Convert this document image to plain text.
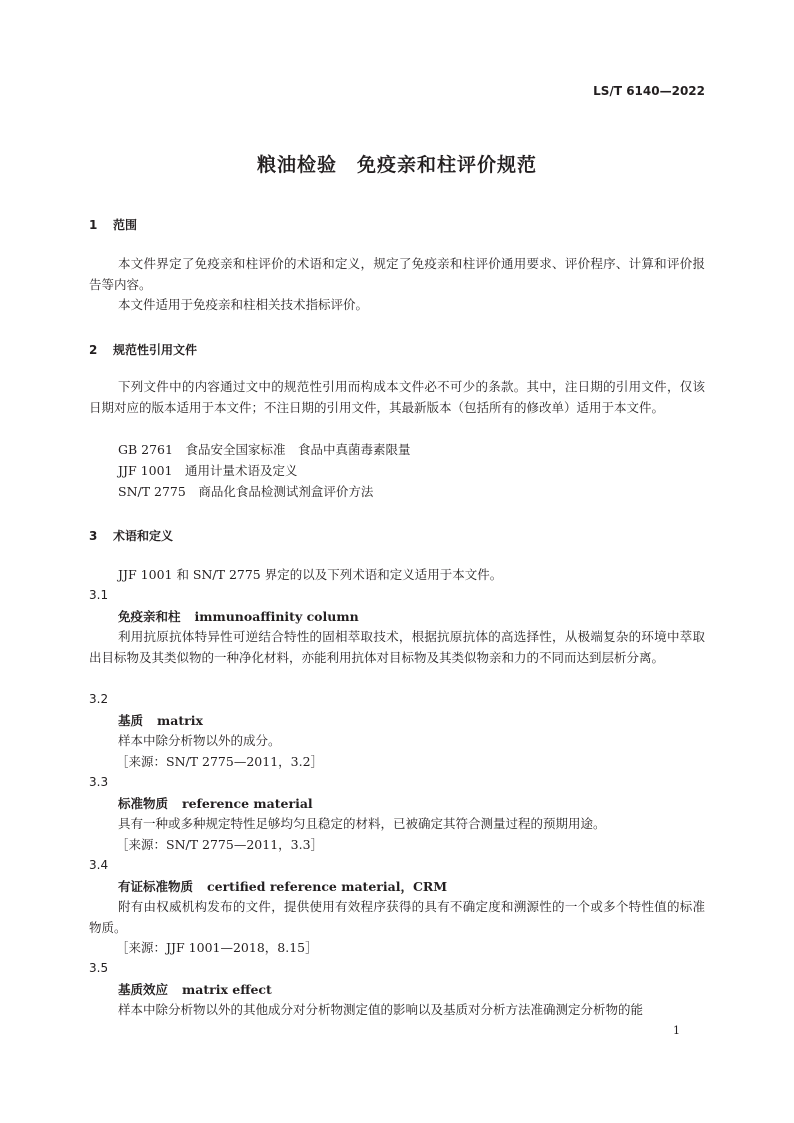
LS/T 6140—2022
粮油检验　免疫亲和柱评价规范
1 范围
本文件界定了免疫亲和柱评价的术语和定义，规定了免疫亲和柱评价通用要求、评价程序、计算和评价报告等内容。
本文件适用于免疫亲和柱相关技术指标评价。
2 规范性引用文件
下列文件中的内容通过文中的规范性引用而构成本文件必不可少的条款。其中，注日期的引用文件，仅该日期对应的版本适用于本文件；不注日期的引用文件，其最新版本（包括所有的修改单）适用于本文件。
GB 2761　食品安全国家标准　食品中真菌毒素限量
JJF 1001　通用计量术语及定义
SN/T 2775　商品化食品检测试剂盒评价方法
3 术语和定义
JJF 1001 和 SN/T 2775 界定的以及下列术语和定义适用于本文件。
3.1
免疫亲和柱 immunoaffinity column
利用抗原抗体特异性可逆结合特性的固相萃取技术，根据抗原抗体的高选择性，从极端复杂的环境中萃取出目标物及其类似物的一种净化材料，亦能利用抗体对目标物及其类似物亲和力的不同而达到层析分离。
3.2
基质 matrix
样本中除分析物以外的成分。
［来源：SN/T 2775—2011，3.2］
3.3
标准物质 reference material
具有一种或多种规定特性足够均匀且稳定的材料，已被确定其符合测量过程的预期用途。
［来源：SN/T 2775—2011，3.3］
3.4
有证标准物质 certified reference material，CRM
附有由权威机构发布的文件，提供使用有效程序获得的具有不确定度和溯源性的一个或多个特性值的标准物质。
［来源：JJF 1001—2018，8.15］
3.5
基质效应 matrix effect
样本中除分析物以外的其他成分对分析物测定值的影响以及基质对分析方法准确测定分析物的能
1
